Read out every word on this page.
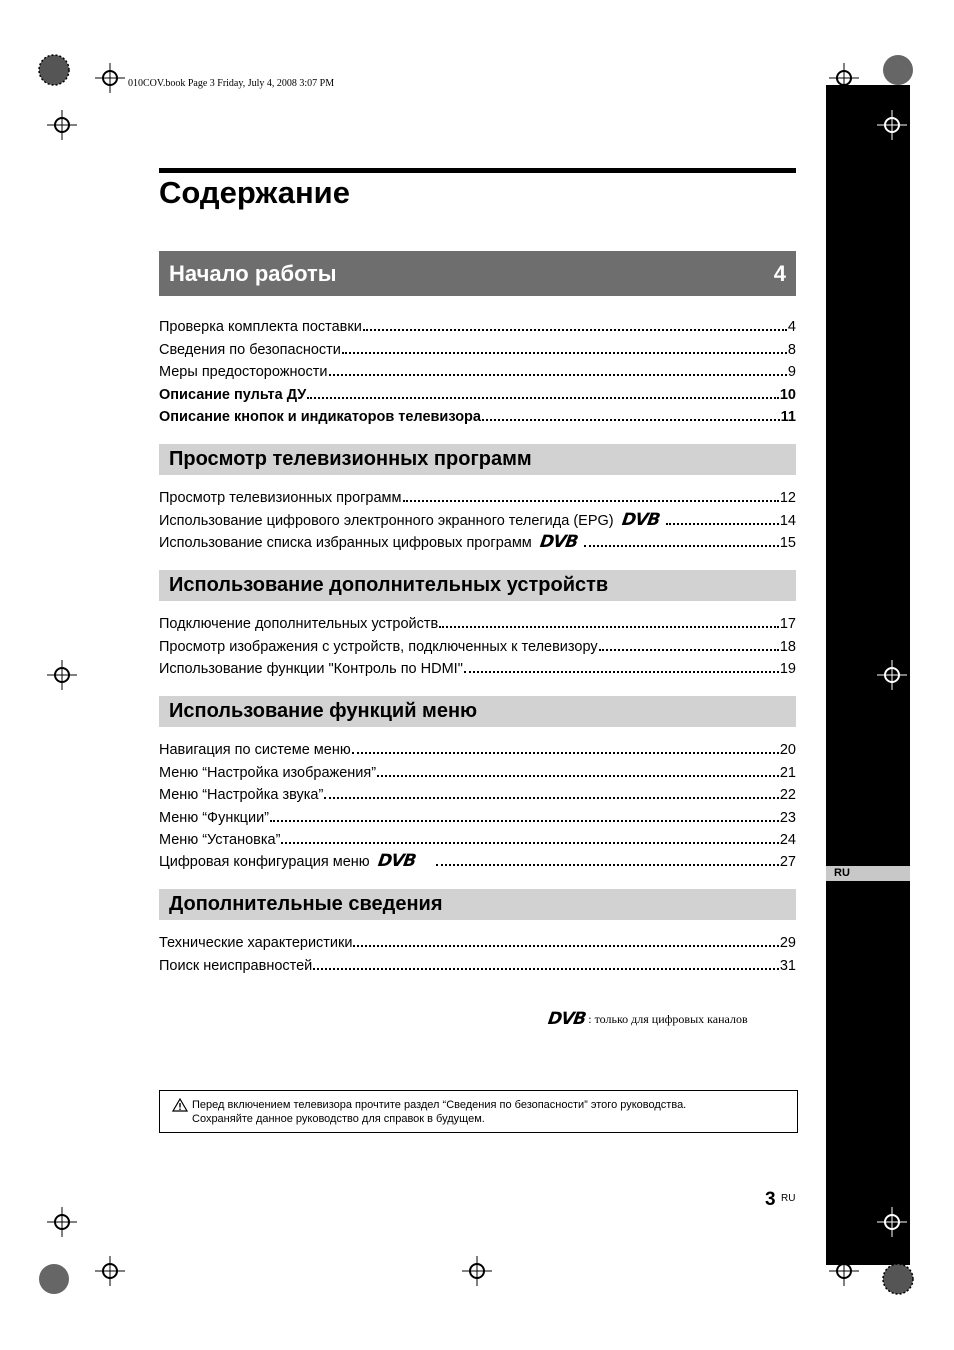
010COV.book Page 3 Friday, July 4, 2008 3:07 PM
RU
Содержание
Начало работы	4
Проверка комплекта поставки	4
Сведения по безопасности	8
Меры предосторожности	9
Описание пульта ДУ	10
Описание кнопок и индикаторов телевизора	11
Просмотр телевизионных программ
Просмотр телевизионных программ	12
Использование цифрового электронного экранного телегида (EPG) DVB	14
Использование списка избранных цифровых программ DVB	15
Использование дополнительных устройств
Подключение дополнительных устройств	17
Просмотр изображения с устройств, подключенных к телевизору	18
Использование функции "Контроль по HDMI"	19
Использование функций меню
Навигация по системе меню	20
Меню “Настройка изображения”	21
Меню “Настройка звука”	22
Меню “Функции”	23
Меню “Установка”	24
Цифровая конфигурация меню DVB	27
Дополнительные сведения
Технические характеристики	29
Поиск неисправностей	31
DVB : только для цифровых каналов
Перед включением телевизора прочтите раздел “Сведения по безопасности” этого руководства.
Сохраняйте данное руководство для справок в будущем.
3 RU
